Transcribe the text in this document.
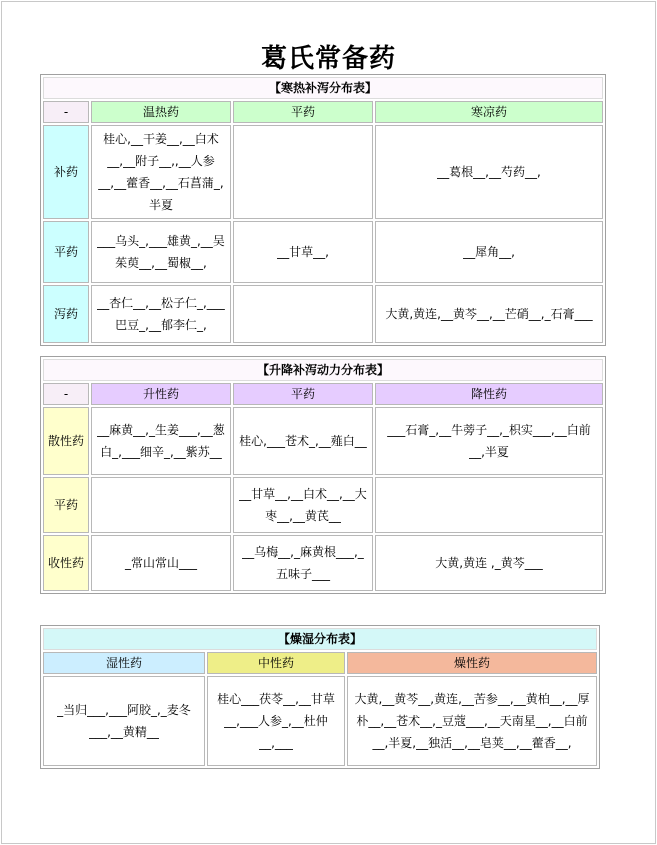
葛氏常备药
【寒热补泻分布表】			
-	温热药	平药	寒凉药
补药	桂心,__干姜__,__白术__,__附子__,,__人参__,__藿香__,__石菖蒲_,半夏		__葛根__,__芍药__,
平药	___乌头_,___雄黄_,__吴茱萸__,__蜀椒__,	__甘草__,	__犀角__,
泻药	__杏仁__,__松子仁_,___巴豆_,__郁李仁_,		大黄,黄连,__黄芩__,__芒硝__,_石膏___
【升降补泻动力分布表】			
-	升性药	平药	降性药
散性药	__麻黄__,_生姜___,__葱白_,___细辛_,__紫苏__	桂心,___苍术_,__薤白__	___石膏_,__牛蒡子__,_枳实___,__白前__,半夏
平药		__甘草__,__白术__,__大枣__,__黄芪__	
收性药	_常山常山___	__乌梅__,_麻黄根___,_五味子___	大黄,黄连 ,_黄芩___
【燥湿分布表】		
湿性药	中性药	燥性药
_当归___,___阿胶_,_麦冬___,__黄精__	桂心___茯苓__,__甘草__,___人参_,__杜仲__,___	大黄,__黄芩__,黄连,__苦参__,__黄柏__,__厚朴__,__苍术__,_豆蔻___,__天南星__,__白前__,半夏,__独活__,__皂荚__,__藿香__,
